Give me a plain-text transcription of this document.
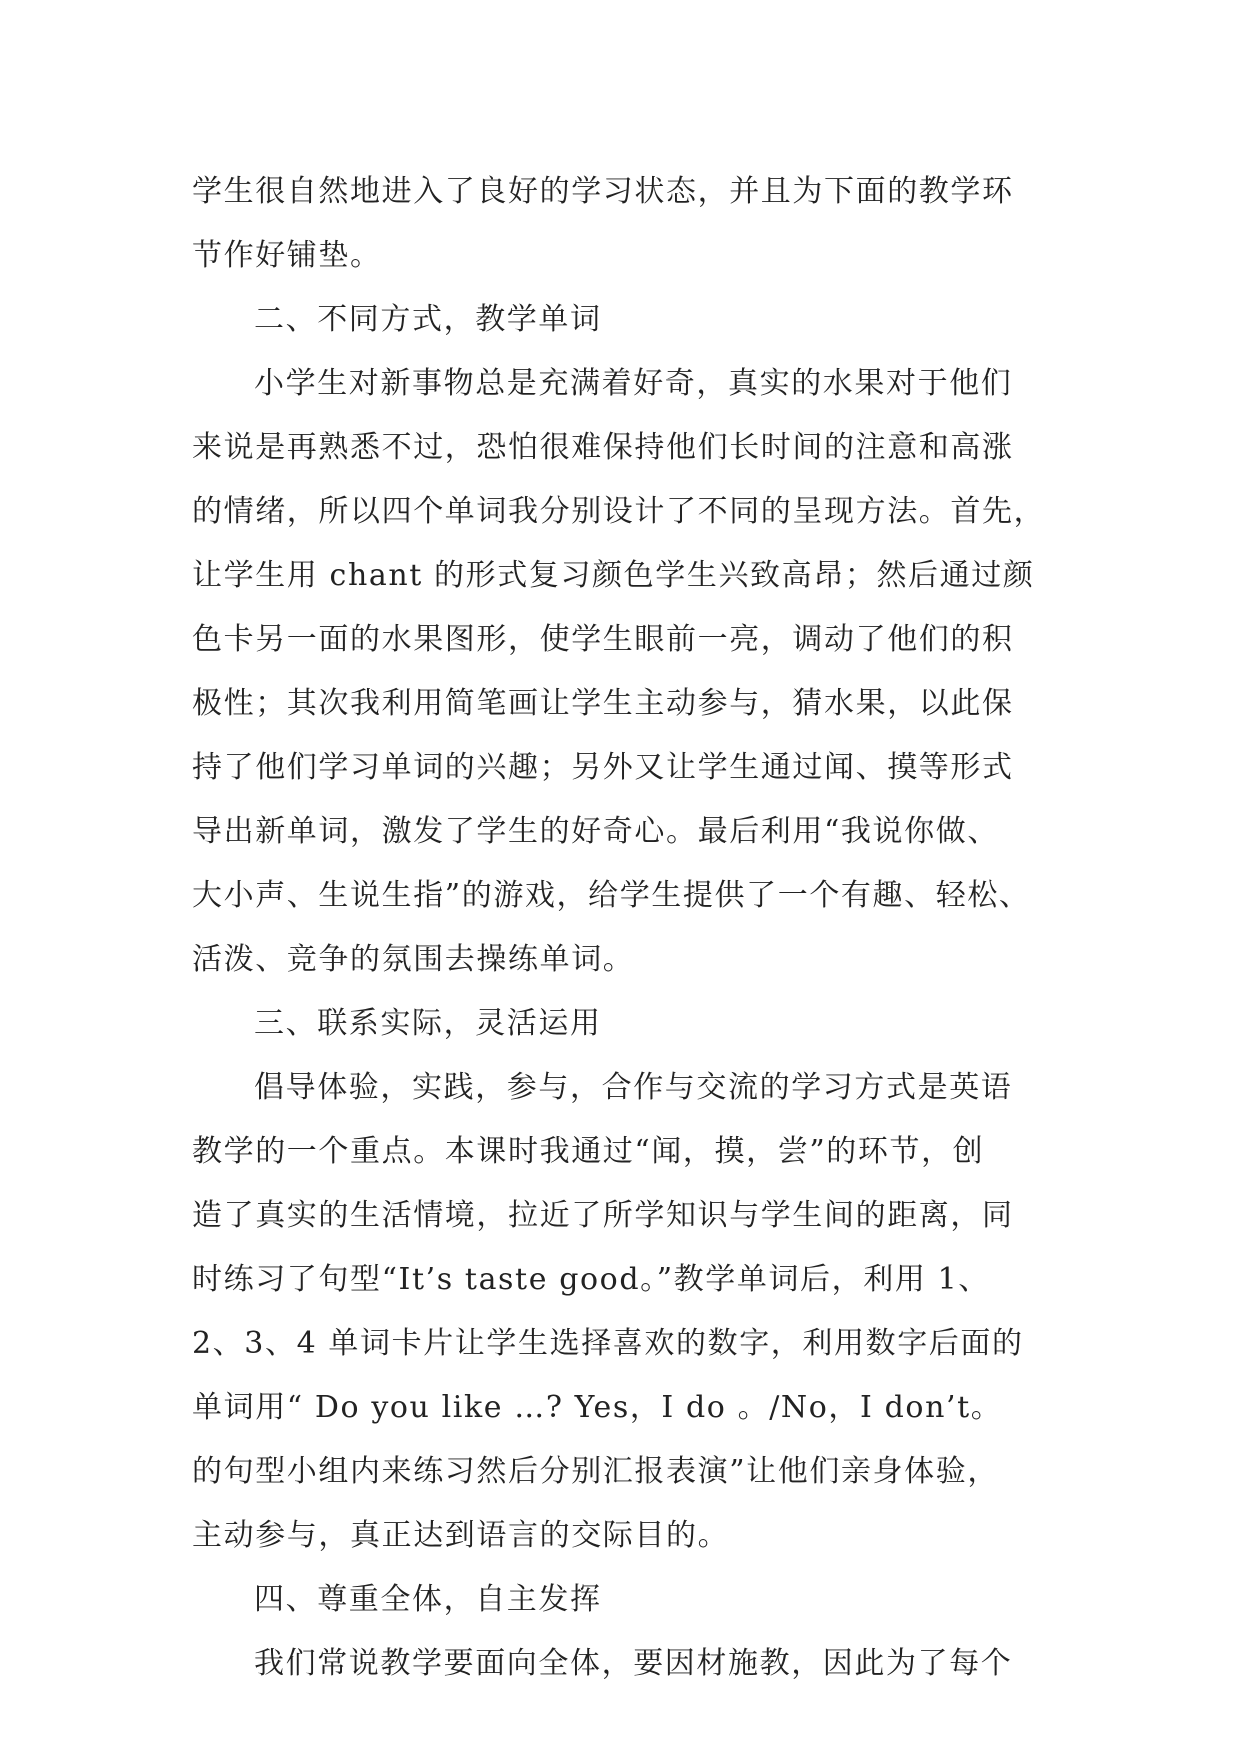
学生很自然地进入了良好的学习状态，并且为下面的教学环
节作好铺垫。
二、不同方式，教学单词
小学生对新事物总是充满着好奇，真实的水果对于他们
来说是再熟悉不过，恐怕很难保持他们长时间的注意和高涨
的情绪，所以四个单词我分别设计了不同的呈现方法。首先，
让学生用 chant 的形式复习颜色学生兴致高昂；然后通过颜
色卡另一面的水果图形，使学生眼前一亮，调动了他们的积
极性；其次我利用简笔画让学生主动参与，猜水果，以此保
持了他们学习单词的兴趣；另外又让学生通过闻、摸等形式
导出新单词，激发了学生的好奇心。最后利用“我说你做、
大小声、生说生指”的游戏，给学生提供了一个有趣、轻松、
活泼、竞争的氛围去操练单词。
三、联系实际，灵活运用
倡导体验，实践，参与，合作与交流的学习方式是英语
教学的一个重点。本课时我通过“闻，摸，尝”的环节，创
造了真实的生活情境，拉近了所学知识与学生间的距离，同
时练习了句型“It’s taste good。”教学单词后，利用 1、
2、3、4 单词卡片让学生选择喜欢的数字，利用数字后面的
单词用“ Do you like …? Yes，I do 。/No，I don’t。
的句型小组内来练习然后分别汇报表演”让他们亲身体验，
主动参与，真正达到语言的交际目的。
四、尊重全体，自主发挥
我们常说教学要面向全体，要因材施教，因此为了每个
